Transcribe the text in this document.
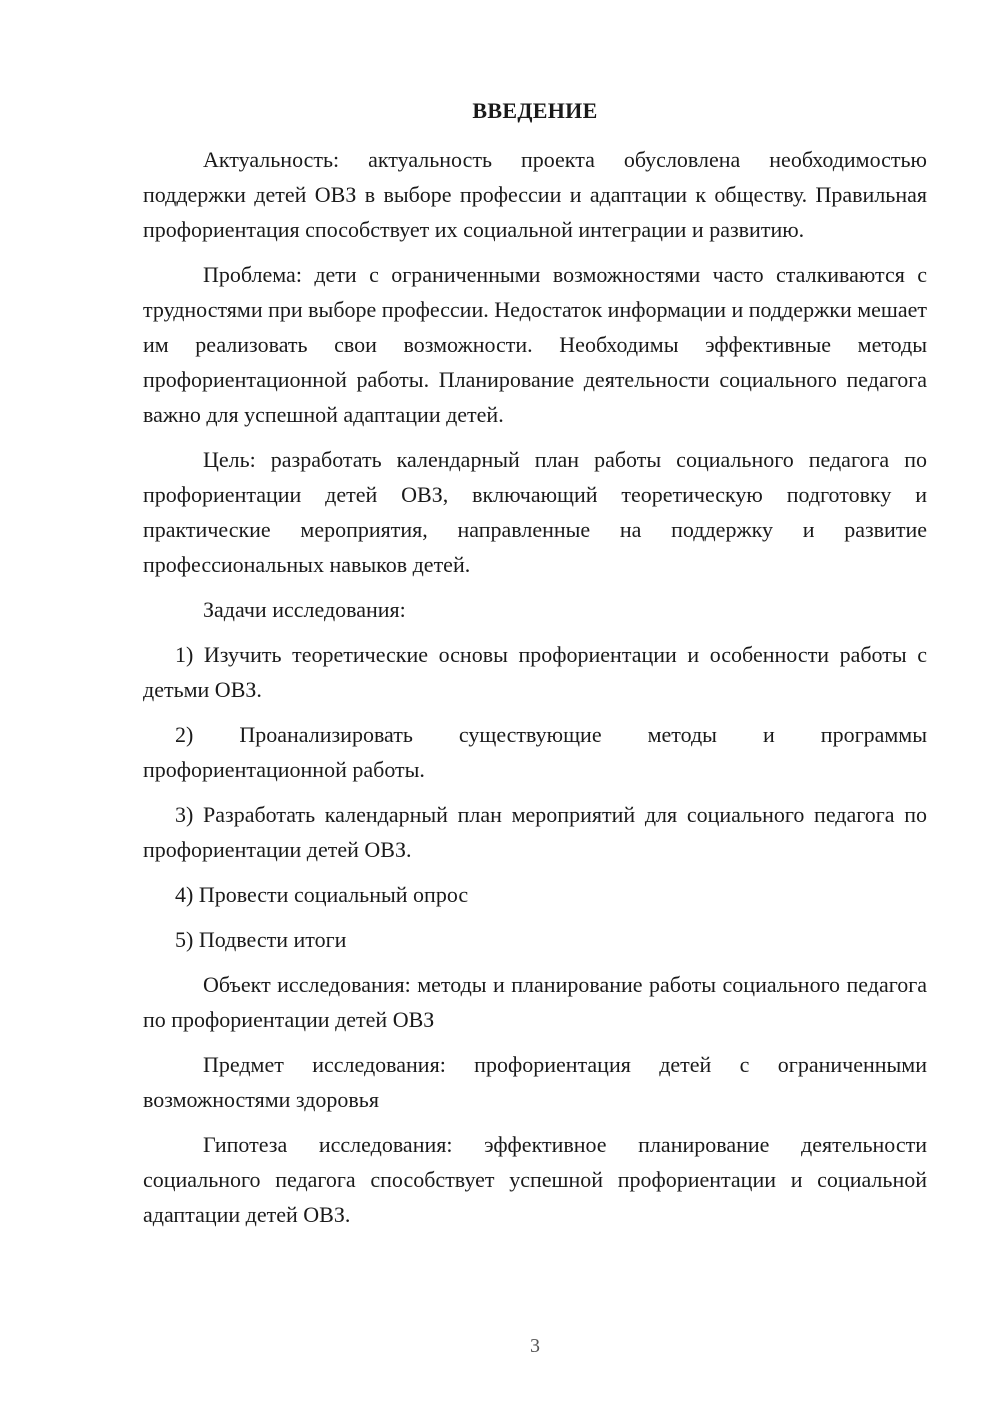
ВВЕДЕНИЕ

Актуальность: актуальность проекта обусловлена необходимостью поддержки детей ОВЗ в выборе профессии и адаптации к обществу. Правильная профориентация способствует их социальной интеграции и развитию.

Проблема: дети с ограниченными возможностями часто сталкиваются с трудностями при выборе профессии. Недостаток информации и поддержки мешает им реализовать свои возможности. Необходимы эффективные методы профориентационной работы. Планирование деятельности социального педагога важно для успешной адаптации детей.

Цель: разработать календарный план работы социального педагога по профориентации детей ОВЗ, включающий теоретическую подготовку и практические мероприятия, направленные на поддержку и развитие профессиональных навыков детей.

Задачи исследования:

1) Изучить теоретические основы профориентации и особенности работы с детьми ОВЗ.

2) Проанализировать существующие методы и программы профориентационной работы.

3) Разработать календарный план мероприятий для социального педагога по профориентации детей ОВЗ.

4) Провести социальный опрос

5) Подвести итоги

Объект исследования: методы и планирование работы социального педагога по профориентации детей ОВЗ

Предмет исследования: профориентация детей с ограниченными возможностями здоровья

Гипотеза исследования: эффективное планирование деятельности социального педагога способствует успешной профориентации и социальной адаптации детей ОВЗ.

3
